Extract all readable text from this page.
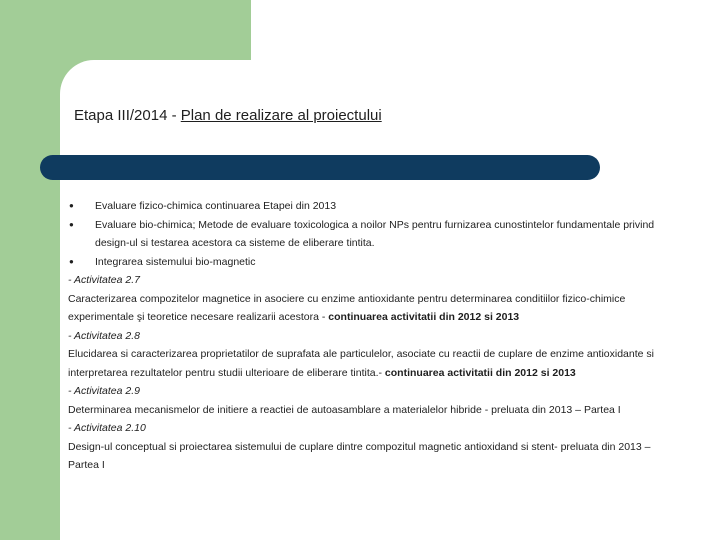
Etapa III/2014 - Plan de realizare al proiectului
● Evaluare fizico-chimica continuarea Etapei din 2013
● Evaluare bio-chimica; Metode de evaluare toxicologica a noilor NPs pentru furnizarea cunostintelor fundamentale privind design-ul si testarea acestora ca sisteme de eliberare tintita.
● Integrarea sistemului bio-magnetic
- Activitatea 2.7
Caracterizarea compozitelor magnetice in asociere cu enzime antioxidante pentru determinarea conditiilor fizico-chimice experimentale şi teoretice necesare realizarii acestora - continuarea activitatii din 2012 si 2013
- Activitatea 2.8
Elucidarea si caracterizarea proprietatilor de suprafata ale particulelor, asociate cu reactii de cuplare de enzime antioxidante si interpretarea rezultatelor pentru studii ulterioare de eliberare tintita.- continuarea activitatii din 2012 si 2013
- Activitatea 2.9
Determinarea mecanismelor de initiere a reactiei de autoasamblare a materialelor hibride - preluata din 2013 – Partea I
- Activitatea 2.10
Design-ul conceptual si proiectarea sistemului de cuplare dintre compozitul magnetic antioxidand si stent- preluata din 2013 –Partea I
